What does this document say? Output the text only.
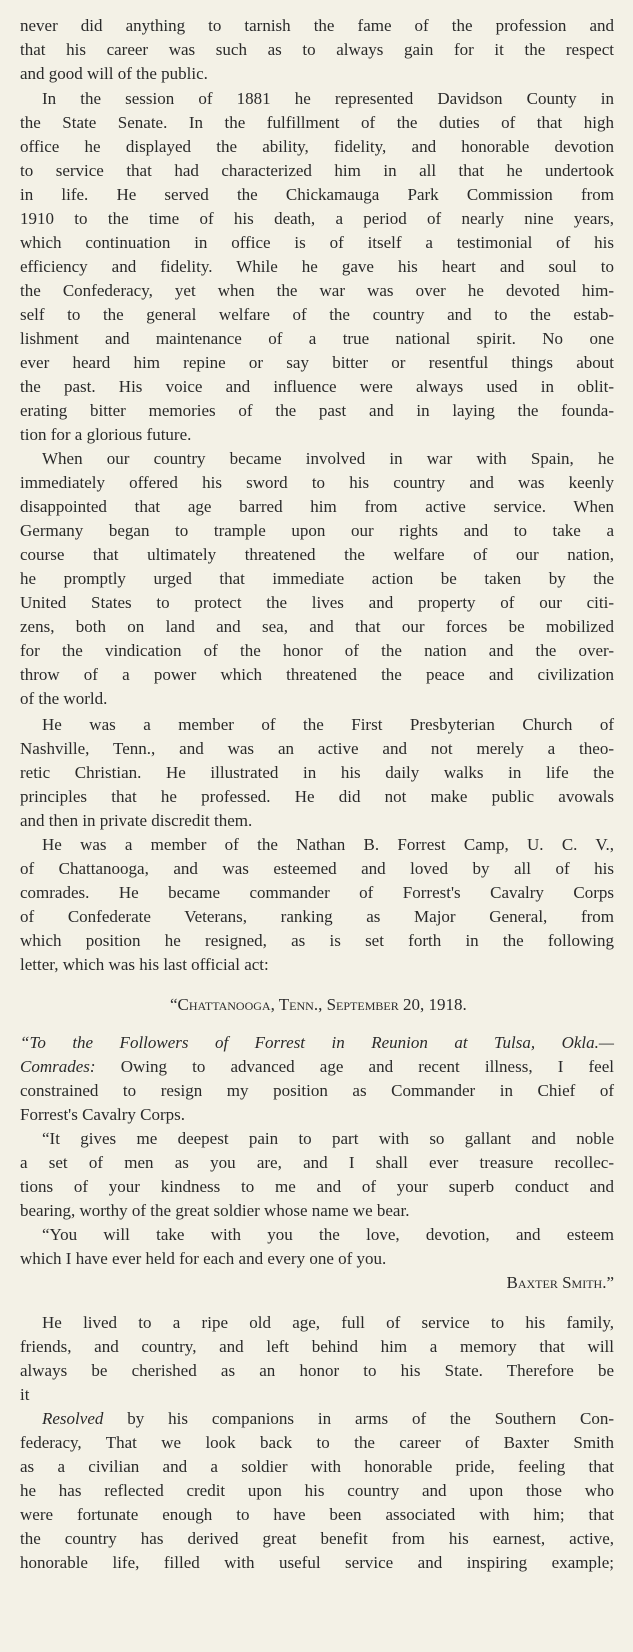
never did anything to tarnish the fame of the profession and
that his career was such as to always gain for it the respect
and good will of the public.
In the session of 1881 he represented Davidson County in
the State Senate. In the fulfillment of the duties of that high
office he displayed the ability, fidelity, and honorable devotion
to service that had characterized him in all that he undertook
in life. He served the Chickamauga Park Commission from
1910 to the time of his death, a period of nearly nine years,
which continuation in office is of itself a testimonial of his
efficiency and fidelity. While he gave his heart and soul to
the Confederacy, yet when the war was over he devoted him-
self to the general welfare of the country and to the estab-
lishment and maintenance of a true national spirit. No one
ever heard him repine or say bitter or resentful things about
the past. His voice and influence were always used in oblit-
erating bitter memories of the past and in laying the founda-
tion for a glorious future.
When our country became involved in war with Spain, he
immediately offered his sword to his country and was keenly
disappointed that age barred him from active service. When
Germany began to trample upon our rights and to take a
course that ultimately threatened the welfare of our nation,
he promptly urged that immediate action be taken by the
United States to protect the lives and property of our citi-
zens, both on land and sea, and that our forces be mobilized
for the vindication of the honor of the nation and the over-
throw of a power which threatened the peace and civilization
of the world.
He was a member of the First Presbyterian Church of
Nashville, Tenn., and was an active and not merely a theo-
retic Christian. He illustrated in his daily walks in life the
principles that he professed. He did not make public avowals
and then in private discredit them.
He was a member of the Nathan B. Forrest Camp, U. C. V.,
of Chattanooga, and was esteemed and loved by all of his
comrades. He became commander of Forrest's Cavalry Corps
of Confederate Veterans, ranking as Major General, from
which position he resigned, as is set forth in the following
letter, which was his last official act:
“Chattanooga, Tenn., September 20, 1918.
“To the Followers of Forrest in Reunion at Tulsa, Okla.—
Comrades: Owing to advanced age and recent illness, I feel
constrained to resign my position as Commander in Chief of
Forrest's Cavalry Corps.
“It gives me deepest pain to part with so gallant and noble
a set of men as you are, and I shall ever treasure recollec-
tions of your kindness to me and of your superb conduct and
bearing, worthy of the great soldier whose name we bear.
“You will take with you the love, devotion, and esteem
which I have ever held for each and every one of you.
Baxter Smith.”
He lived to a ripe old age, full of service to his family,
friends, and country, and left behind him a memory that will
always be cherished as an honor to his State. Therefore be
it
Resolved by his companions in arms of the Southern Con-
federacy, That we look back to the career of Baxter Smith
as a civilian and a soldier with honorable pride, feeling that
he has reflected credit upon his country and upon those who
were fortunate enough to have been associated with him; that
the country has derived great benefit from his earnest, active,
honorable life, filled with useful service and inspiring example;
